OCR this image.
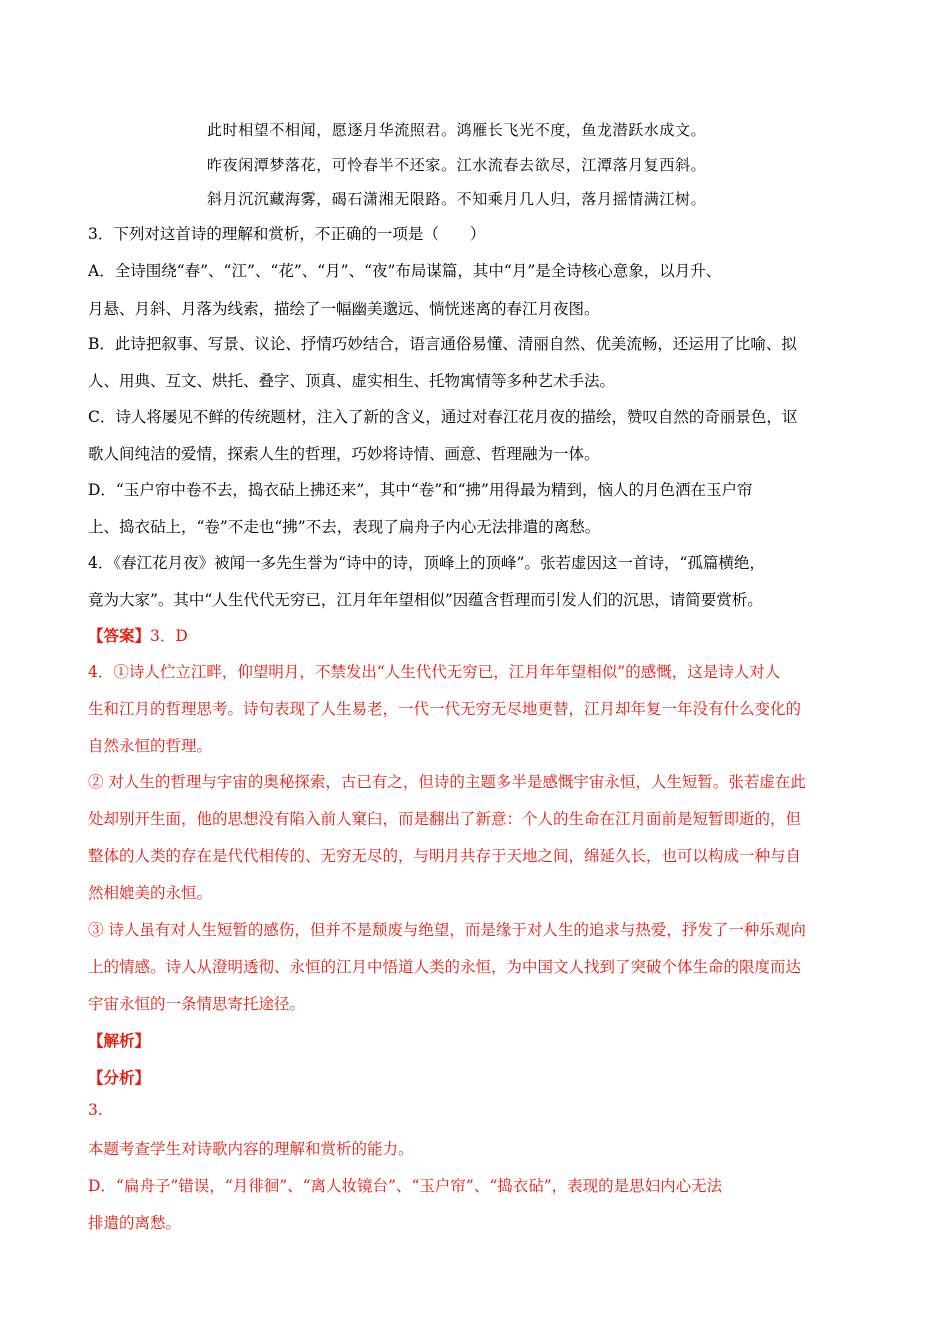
此时相望不相闻，愿逐月华流照君。鸿雁长飞光不度，鱼龙潜跃水成文。
昨夜闲潭梦落花，可怜春半不还家。江水流春去欲尽，江潭落月复西斜。
斜月沉沉藏海雾，碣石潇湘无限路。不知乘月几人归，落月摇情满江树。
3．下列对这首诗的理解和赏析，不正确的一项是（　　）
A．全诗围绕“春”、“江”、“花”、“月”、“夜”布局谋篇，其中“月”是全诗核心意象，以月升、
月悬、月斜、月落为线索，描绘了一幅幽美邈远、惝恍迷离的春江月夜图。
B．此诗把叙事、写景、议论、抒情巧妙结合，语言通俗易懂、清丽自然、优美流畅，还运用了比喻、拟
人、用典、互文、烘托、叠字、顶真、虚实相生、托物寓情等多种艺术手法。
C．诗人将屡见不鲜的传统题材，注入了新的含义，通过对春江花月夜的描绘，赞叹自然的奇丽景色，讴
歌人间纯洁的爱情，探索人生的哲理，巧妙将诗情、画意、哲理融为一体。
D．“玉户帘中卷不去，捣衣砧上拂还来”，其中“卷”和“拂”用得最为精到，恼人的月色洒在玉户帘
上、捣衣砧上，“卷”不走也“拂”不去，表现了扁舟子内心无法排遣的离愁。
4．《春江花月夜》被闻一多先生誉为“诗中的诗，顶峰上的顶峰”。张若虚因这一首诗，“孤篇横绝，
竟为大家”。其中“人生代代无穷已，江月年年望相似”因蕴含哲理而引发人们的沉思，请简要赏析。
【答案】3．D
4．①诗人伫立江畔，仰望明月，不禁发出“人生代代无穷已，江月年年望相似”的感慨，这是诗人对人
生和江月的哲理思考。诗句表现了人生易老，一代一代无穷无尽地更替，江月却年复一年没有什么变化的
自然永恒的哲理。
② 对人生的哲理与宇宙的奥秘探索，古已有之，但诗的主题多半是感慨宇宙永恒，人生短暂。张若虚在此
处却别开生面，他的思想没有陷入前人窠臼，而是翻出了新意：个人的生命在江月面前是短暂即逝的，但
整体的人类的存在是代代相传的、无穷无尽的，与明月共存于天地之间，绵延久长，也可以构成一种与自
然相媲美的永恒。
③ 诗人虽有对人生短暂的感伤，但并不是颓废与绝望，而是缘于对人生的追求与热爱，抒发了一种乐观向
上的情感。诗人从澄明透彻、永恒的江月中悟道人类的永恒，为中国文人找到了突破个体生命的限度而达
宇宙永恒的一条情思寄托途径。
【解析】
【分析】
3.
本题考查学生对诗歌内容的理解和赏析的能力。
D．“扁舟子”错误，“月徘徊”、“离人妆镜台”、“玉户帘”、“捣衣砧”，表现的是思妇内心无法
排遣的离愁。
